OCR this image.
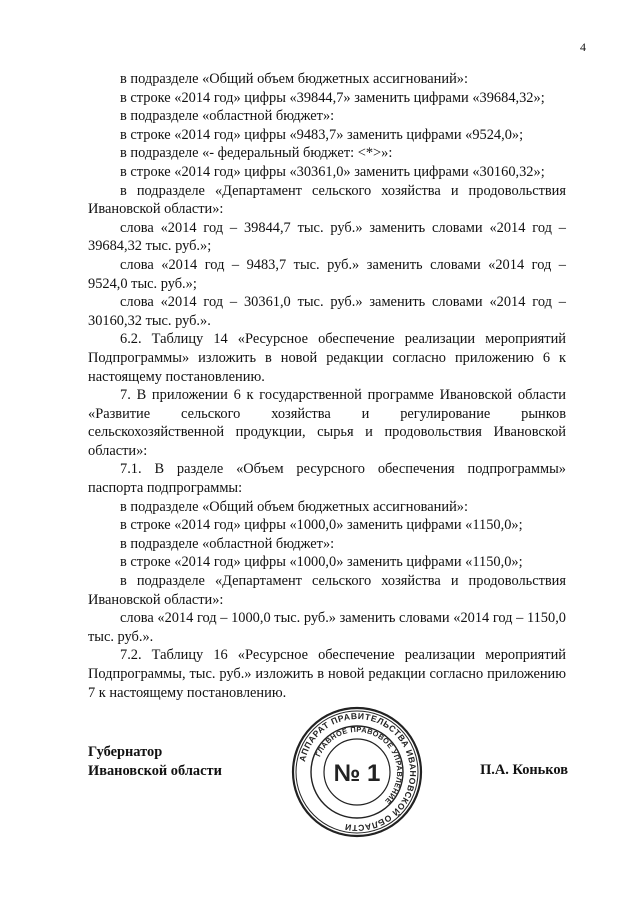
4

в подразделе «Общий объем бюджетных ассигнований»:

в строке «2014 год» цифры «39844,7» заменить цифрами «39684,32»;

в подразделе «областной бюджет»:

в строке «2014 год» цифры «9483,7» заменить цифрами «9524,0»;

в подразделе «- федеральный бюджет: <*>»:

в строке «2014 год» цифры «30361,0» заменить цифрами «30160,32»;

в подразделе «Департамент сельского хозяйства и продовольствия Ивановской области»:

слова «2014 год – 39844,7 тыс. руб.» заменить словами «2014 год – 39684,32 тыс. руб.»;

слова «2014 год – 9483,7 тыс. руб.» заменить словами «2014 год – 9524,0 тыс. руб.»;

слова «2014 год – 30361,0 тыс. руб.» заменить словами «2014 год – 30160,32 тыс. руб.».

6.2. Таблицу 14 «Ресурсное обеспечение реализации мероприятий Подпрограммы» изложить в новой редакции согласно приложению 6 к настоящему постановлению.

7. В приложении 6 к государственной программе Ивановской области «Развитие сельского хозяйства и регулирование рынков сельскохозяйственной продукции, сырья и продовольствия Ивановской области»:

7.1. В разделе «Объем ресурсного обеспечения подпрограммы» паспорта подпрограммы:

в подразделе «Общий объем бюджетных ассигнований»:

в строке «2014 год» цифры «1000,0» заменить цифрами «1150,0»;

в подразделе «областной бюджет»:

в строке «2014 год» цифры «1000,0» заменить цифрами «1150,0»;

в подразделе «Департамент сельского хозяйства и продовольствия Ивановской области»:

слова «2014 год – 1000,0 тыс. руб.» заменить словами «2014 год – 1150,0 тыс. руб.».

7.2. Таблицу 16 «Ресурсное обеспечение реализации мероприятий Подпрограммы, тыс. руб.» изложить в новой редакции согласно приложению 7 к настоящему постановлению.

Губернатор
Ивановской области	П.А. Коньков
АППАРАТ ПРАВИТЕЛЬСТВА ИВАНОВСКОЙ ОБЛАСТИ
ГЛАВНОЕ ПРАВОВОЕ УПРАВЛЕНИЕ
№ 1
